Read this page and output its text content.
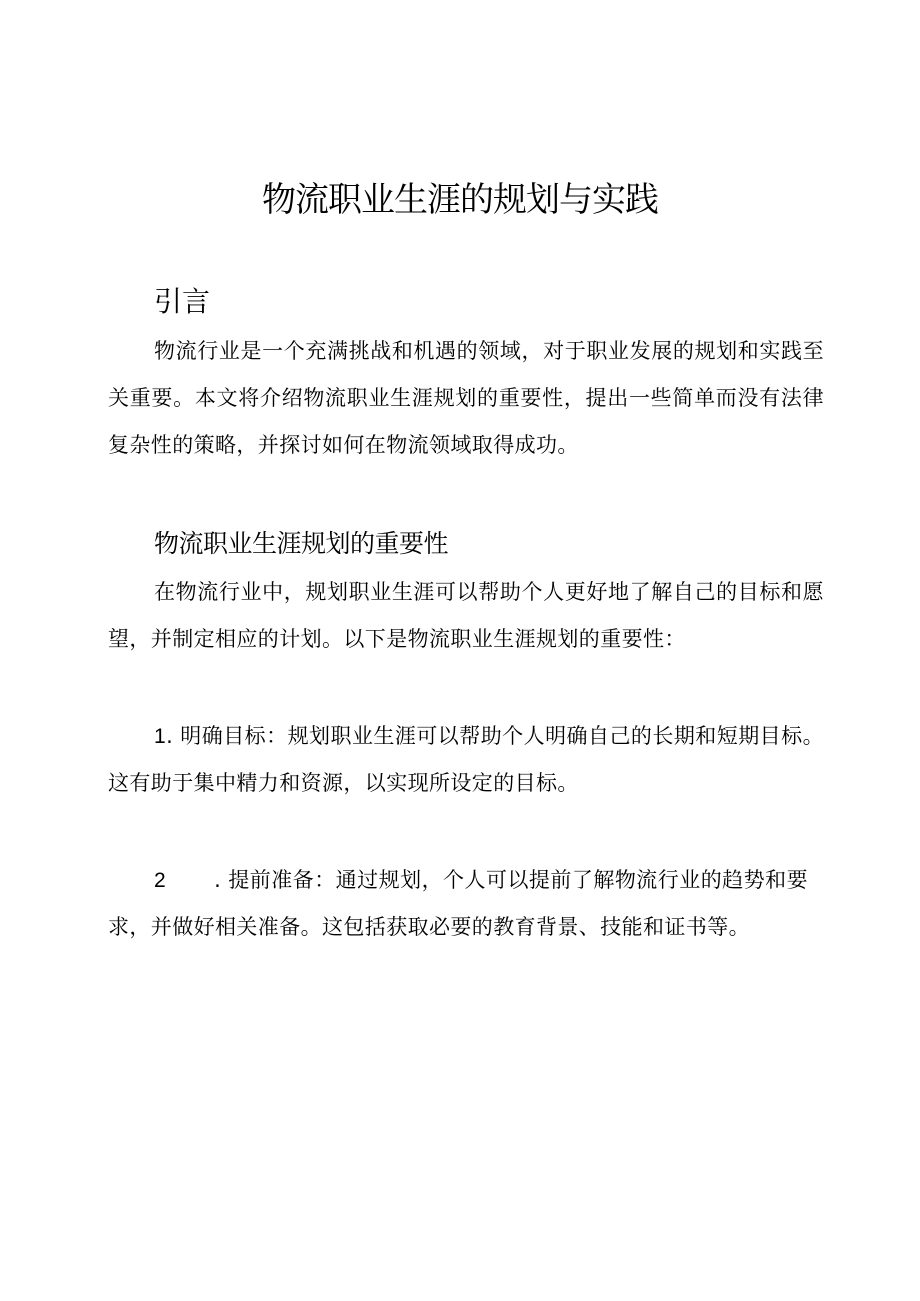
物流职业生涯的规划与实践
引言

物流行业是一个充满挑战和机遇的领域，对于职业发展的规划和实践至关重要。本文将介绍物流职业生涯规划的重要性，提出一些简单而没有法律复杂性的策略，并探讨如何在物流领域取得成功。

物流职业生涯规划的重要性

在物流行业中，规划职业生涯可以帮助个人更好地了解自己的目标和愿望，并制定相应的计划。以下是物流职业生涯规划的重要性：

1. 明确目标：规划职业生涯可以帮助个人明确自己的长期和短期目标。这有助于集中精力和资源，以实现所设定的目标。

2 . 提前准备：通过规划，个人可以提前了解物流行业的趋势和要求，并做好相关准备。这包括获取必要的教育背景、技能和证书等。
